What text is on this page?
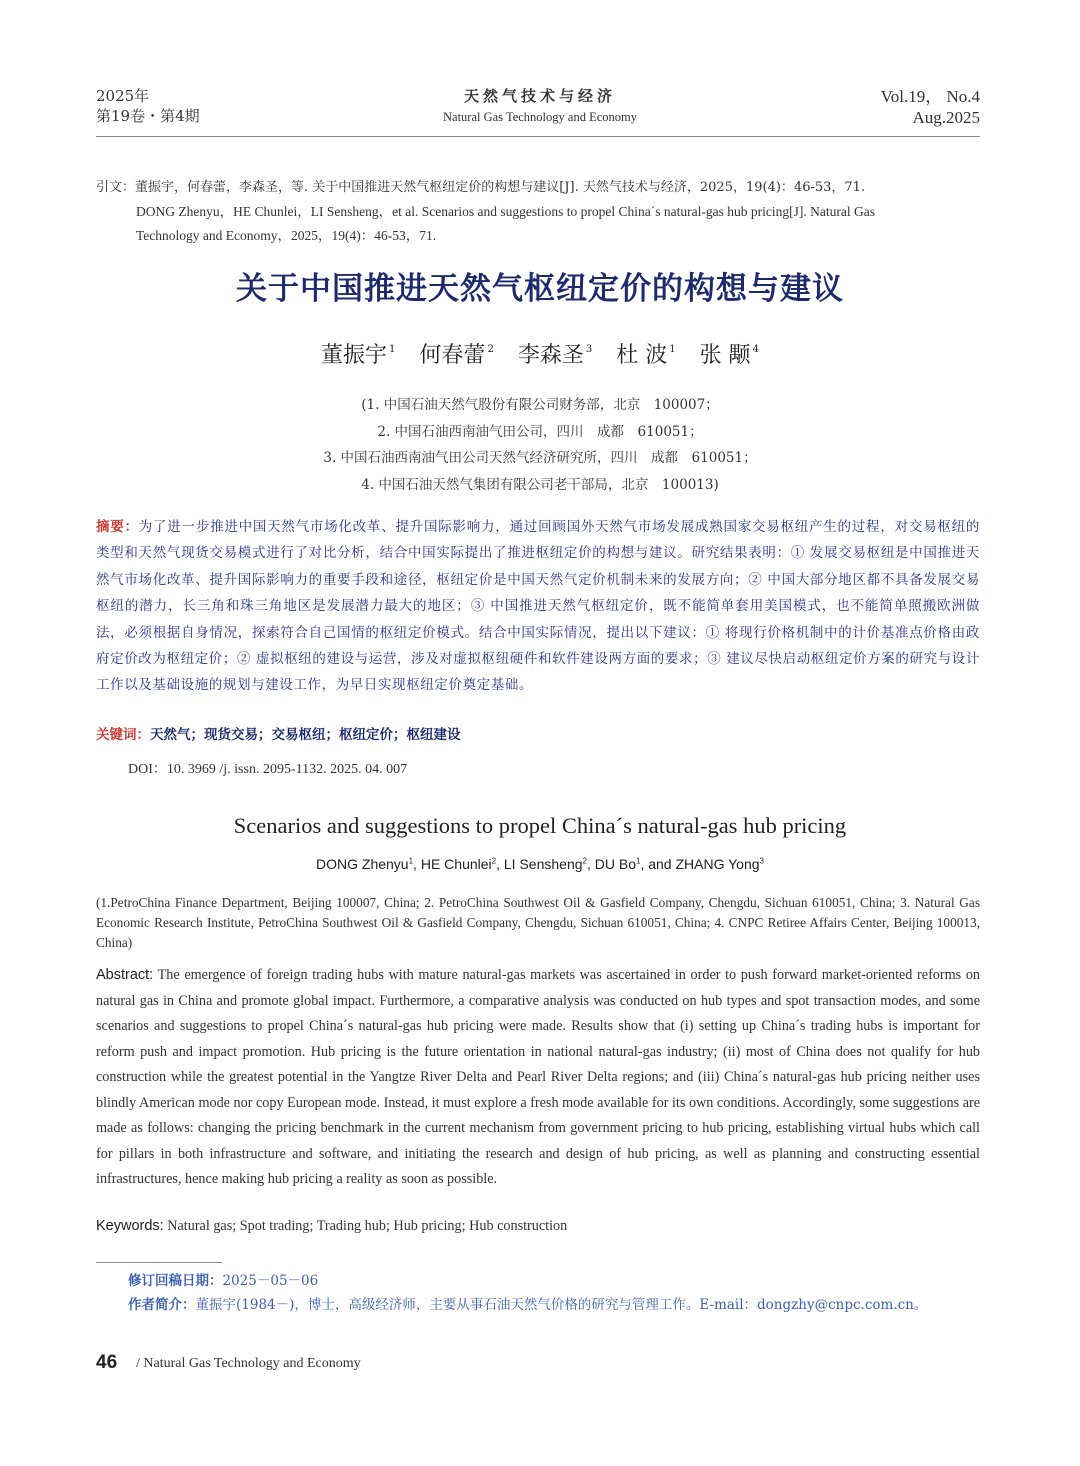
2025年
第19卷・第4期
天然气技术与经济
Natural Gas Technology and Economy
Vol.19， No.4
Aug.2025
引文：董振宇，何春蕾，李森圣，等. 关于中国推进天然气枢纽定价的构想与建议[J]. 天然气技术与经济，2025，19(4)：46-53，71.
DONG Zhenyu，HE Chunlei，LI Sensheng，et al. Scenarios and suggestions to propel China´s natural-gas hub pricing[J]. Natural Gas
Technology and Economy，2025，19(4)：46-53，71.
关于中国推进天然气枢纽定价的构想与建议
董振宇 $^1$ 何春蕾 $^2$ 李森圣 $^3$ 杜 波 $^1$ 张 颙 $^4$
(1. 中国石油天然气股份有限公司财务部，北京　100007；
2. 中国石油西南油气田公司，四川　成都　610051；
3. 中国石油西南油气田公司天然气经济研究所，四川　成都　610051；
4. 中国石油天然气集团有限公司老干部局，北京　100013)
摘要：为了进一步推进中国天然气市场化改革、提升国际影响力，通过回顾国外天然气市场发展成熟国家交易枢纽产生的过程，对交易枢纽的类型和天然气现货交易模式进行了对比分析，结合中国实际提出了推进枢纽定价的构想与建议。研究结果表明：① 发展交易枢纽是中国推进天然气市场化改革、提升国际影响力的重要手段和途径，枢纽定价是中国天然气定价机制未来的发展方向；② 中国大部分地区都不具备发展交易枢纽的潜力，长三角和珠三角地区是发展潜力最大的地区；③ 中国推进天然气枢纽定价，既不能简单套用美国模式，也不能简单照搬欧洲做法，必须根据自身情况，探索符合自己国情的枢纽定价模式。结合中国实际情况，提出以下建议：① 将现行价格机制中的计价基准点价格由政府定价改为枢纽定价；② 虚拟枢纽的建设与运营，涉及对虚拟枢纽硬件和软件建设两方面的要求；③ 建议尽快启动枢纽定价方案的研究与设计工作以及基础设施的规划与建设工作，为早日实现枢纽定价奠定基础。
关键词：天然气；现货交易；交易枢纽；枢纽定价；枢纽建设
DOI：10. 3969 /j. issn. 2095-1132. 2025. 04. 007
Scenarios and suggestions to propel China´s natural-gas hub pricing
DONG Zhenyu$^1$, HE Chunlei$^2$, LI Sensheng$^2$, DU Bo$^1$, and ZHANG Yong$^3$
(1.PetroChina Finance Department, Beijing 100007, China; 2. PetroChina Southwest Oil & Gasfield Company, Chengdu, Sichuan 610051, China; 3. Natural Gas Economic Research Institute, PetroChina Southwest Oil & Gasfield Company, Chengdu, Sichuan 610051, China; 4. CNPC Retiree Affairs Center, Beijing 100013, China)
Abstract: The emergence of foreign trading hubs with mature natural-gas markets was ascertained in order to push forward market-oriented reforms on natural gas in China and promote global impact. Furthermore, a comparative analysis was conducted on hub types and spot transaction modes, and some scenarios and suggestions to propel China´s natural-gas hub pricing were made. Results show that (i) setting up China´s trading hubs is important for reform push and impact promotion. Hub pricing is the future orientation in national natural-gas industry; (ii) most of China does not qualify for hub construction while the greatest potential in the Yangtze River Delta and Pearl River Delta regions; and (iii) China´s natural-gas hub pricing neither uses blindly American mode nor copy European mode. Instead, it must explore a fresh mode available for its own conditions. Accordingly, some suggestions are made as follows: changing the pricing benchmark in the current mechanism from government pricing to hub pricing, establishing virtual hubs which call for pillars in both infrastructure and software, and initiating the research and design of hub pricing, as well as planning and constructing essential infrastructures, hence making hub pricing a reality as soon as possible.
Keywords: Natural gas; Spot trading; Trading hub; Hub pricing; Hub construction
修订回稿日期：2025－05－06
作者简介：董振宇(1984－)，博士，高级经济师，主要从事石油天然气价格的研究与管理工作。E-mail：dongzhy@cnpc.com.cn。
46 / Natural Gas Technology and Economy
